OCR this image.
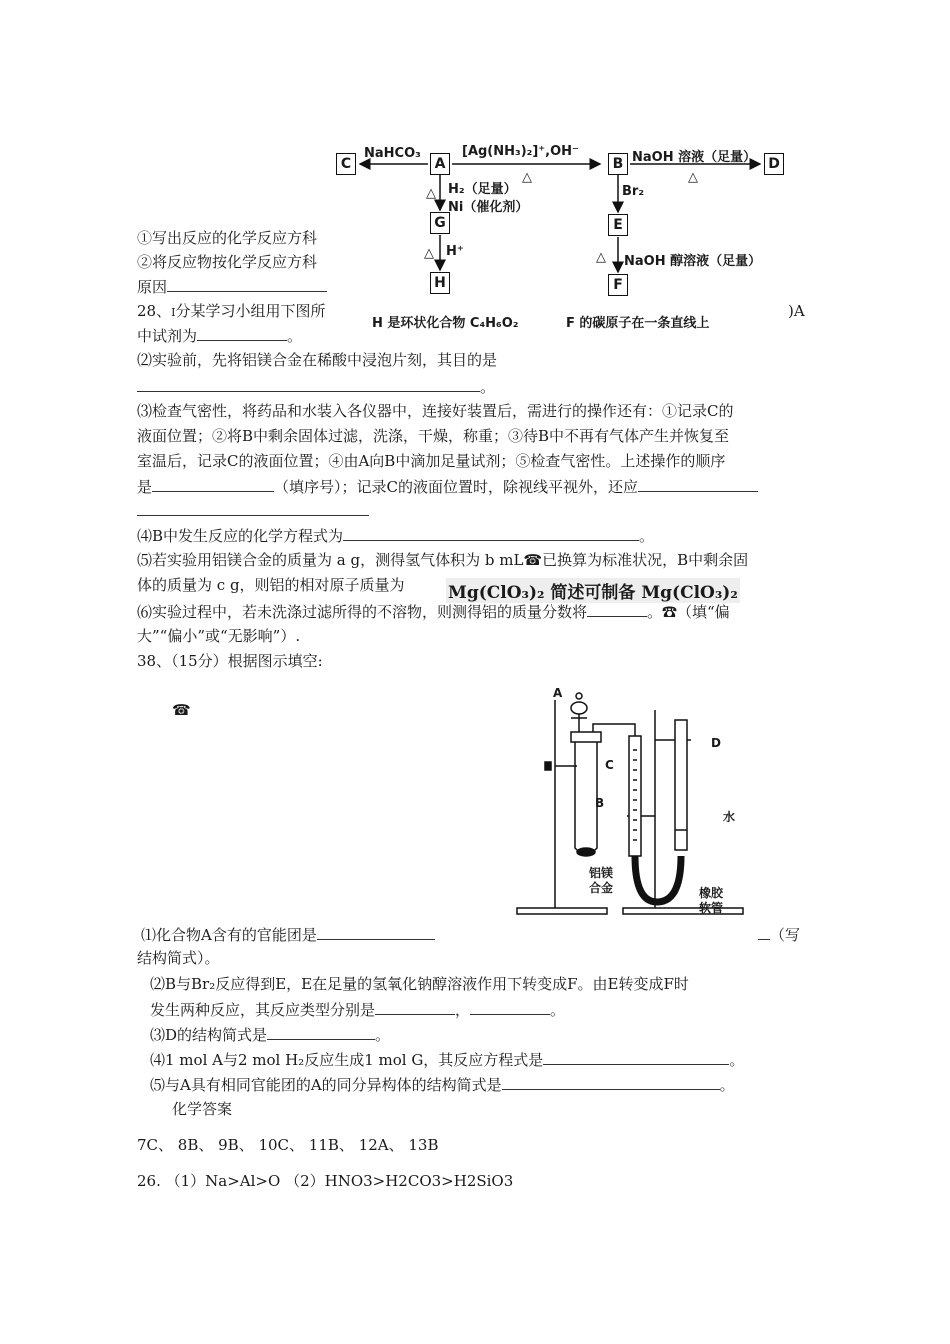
C	A	B	D
G
H
E
F
NaHCO₃	[Ag(NH₃)₂]⁺,OH⁻
△
NaOH 溶液（足量）
△
H₂（足量）
Ni（催化剂）
△
H⁺
△
Br₂
△ NaOH 醇溶液（足量）
H 是环状化合物 C₄H₆O₂	F 的碳原子在一条直线上
①写出反应的化学反应方科
②将反应物按化学反应方科
原因
28、I分某学习小组用下图所	)A
中试剂为	。
⑵实验前，先将铝镁合金在稀酸中浸泡片刻，其目的是
。
⑶检查气密性，将药品和水装入各仪器中，连接好装置后，需进行的操作还有：①记录C的
液面位置；②将B中剩余固体过滤，洗涤，干燥，称重；③待B中不再有气体产生并恢复至
室温后，记录C的液面位置；④由A向B中滴加足量试剂；⑤检查气密性。上述操作的顺序
是	（填序号）；记录C的液面位置时，除视线平视外，还应
⑷B中发生反应的化学方程式为	。
⑸若实验用铝镁合金的质量为 a g，测得氢气体积为 b mL☎已换算为标准状况，B中剩余固
体的质量为 c g，则铝的相对原子质量为	Mg(ClO₃)₂ 简述可制备 Mg(ClO₃)₂
⑹实验过程中，若未洗涤过滤所得的不溶物，则测得铝的质量分数将	。☎（填“偏
大”“偏小”或“无影响”）.
38、（15分）根据图示填空:
☎
A
B
C
D
水
铝镁
合金	橡胶
软管
⑴化合物A含有的官能团是	（写
结构简式）。
⑵B与Br₂反应得到E，E在足量的氢氧化钠醇溶液作用下转变成F。由E转变成F时
发生两种反应，其反应类型分别是	，	。
⑶D的结构简式是	。
⑷1 mol A与2 mol H₂反应生成1 mol G，其反应方程式是	。
⑸与A具有相同官能团的A的同分异构体的结构简式是	。
化学答案
7C、 8B、 9B、 10C、 11B、 12A、 13B
26. （1）Na>Al>O （2）HNO3>H2CO3>H2SiO3
